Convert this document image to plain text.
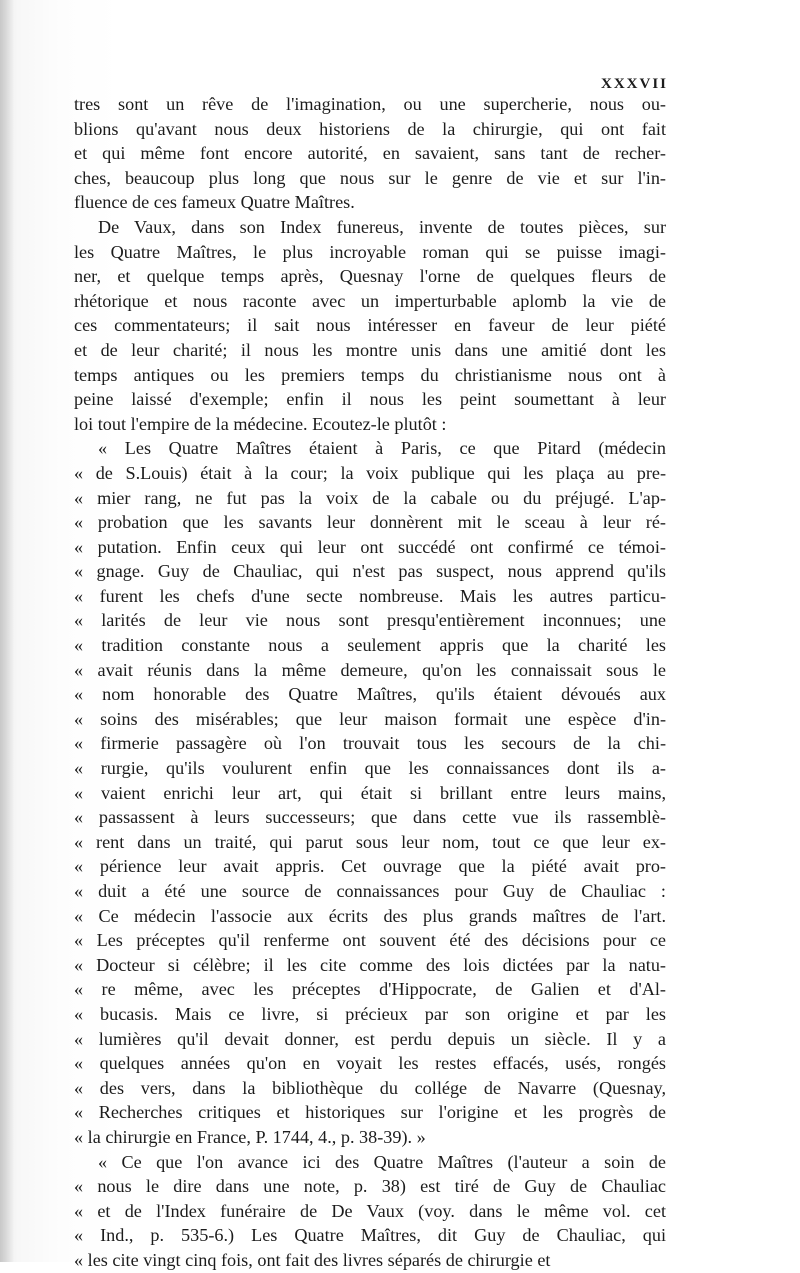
XXXVII
tres sont un rêve de l'imagination, ou une supercherie, nous ou-
blions qu'avant nous deux historiens de la chirurgie, qui ont fait
et qui même font encore autorité, en savaient, sans tant de recher-
ches, beaucoup plus long que nous sur le genre de vie et sur l'in-
fluence de ces fameux Quatre Maîtres.
De Vaux, dans son Index funereus, invente de toutes pièces, sur
les Quatre Maîtres, le plus incroyable roman qui se puisse imagi-
ner, et quelque temps après, Quesnay l'orne de quelques fleurs de
rhétorique et nous raconte avec un imperturbable aplomb la vie de
ces commentateurs; il sait nous intéresser en faveur de leur piété
et de leur charité; il nous les montre unis dans une amitié dont les
temps antiques ou les premiers temps du christianisme nous ont à
peine laissé d'exemple; enfin il nous les peint soumettant à leur
loi tout l'empire de la médecine. Ecoutez-le plutôt :
« Les Quatre Maîtres étaient à Paris, ce que Pitard (médecin
« de S.Louis) était à la cour; la voix publique qui les plaça au pre-
« mier rang, ne fut pas la voix de la cabale ou du préjugé. L'ap-
« probation que les savants leur donnèrent mit le sceau à leur ré-
« putation. Enfin ceux qui leur ont succédé ont confirmé ce témoi-
« gnage. Guy de Chauliac, qui n'est pas suspect, nous apprend qu'ils
« furent les chefs d'une secte nombreuse. Mais les autres particu-
« larités de leur vie nous sont presqu'entièrement inconnues; une
« tradition constante nous a seulement appris que la charité les
« avait réunis dans la même demeure, qu'on les connaissait sous le
« nom honorable des Quatre Maîtres, qu'ils étaient dévoués aux
« soins des misérables; que leur maison formait une espèce d'in-
« firmerie passagère où l'on trouvait tous les secours de la chi-
« rurgie, qu'ils voulurent enfin que les connaissances dont ils a-
« vaient enrichi leur art, qui était si brillant entre leurs mains,
« passassent à leurs successeurs; que dans cette vue ils rassemblè-
« rent dans un traité, qui parut sous leur nom, tout ce que leur ex-
« périence leur avait appris. Cet ouvrage que la piété avait pro-
« duit a été une source de connaissances pour Guy de Chauliac :
« Ce médecin l'associe aux écrits des plus grands maîtres de l'art.
« Les préceptes qu'il renferme ont souvent été des décisions pour ce
« Docteur si célèbre; il les cite comme des lois dictées par la natu-
« re même, avec les préceptes d'Hippocrate, de Galien et d'Al-
« bucasis. Mais ce livre, si précieux par son origine et par les
« lumières qu'il devait donner, est perdu depuis un siècle. Il y a
« quelques années qu'on en voyait les restes effacés, usés, rongés
« des vers, dans la bibliothèque du collége de Navarre (Quesnay,
« Recherches critiques et historiques sur l'origine et les progrès de
« la chirurgie en France, P. 1744, 4., p. 38-39). »
« Ce que l'on avance ici des Quatre Maîtres (l'auteur a soin de
« nous le dire dans une note, p. 38) est tiré de Guy de Chauliac
« et de l'Index funéraire de De Vaux (voy. dans le même vol. cet
« Ind., p. 535-6.) Les Quatre Maîtres, dit Guy de Chauliac, qui
« les cite vingt cinq fois, ont fait des livres séparés de chirurgie et
